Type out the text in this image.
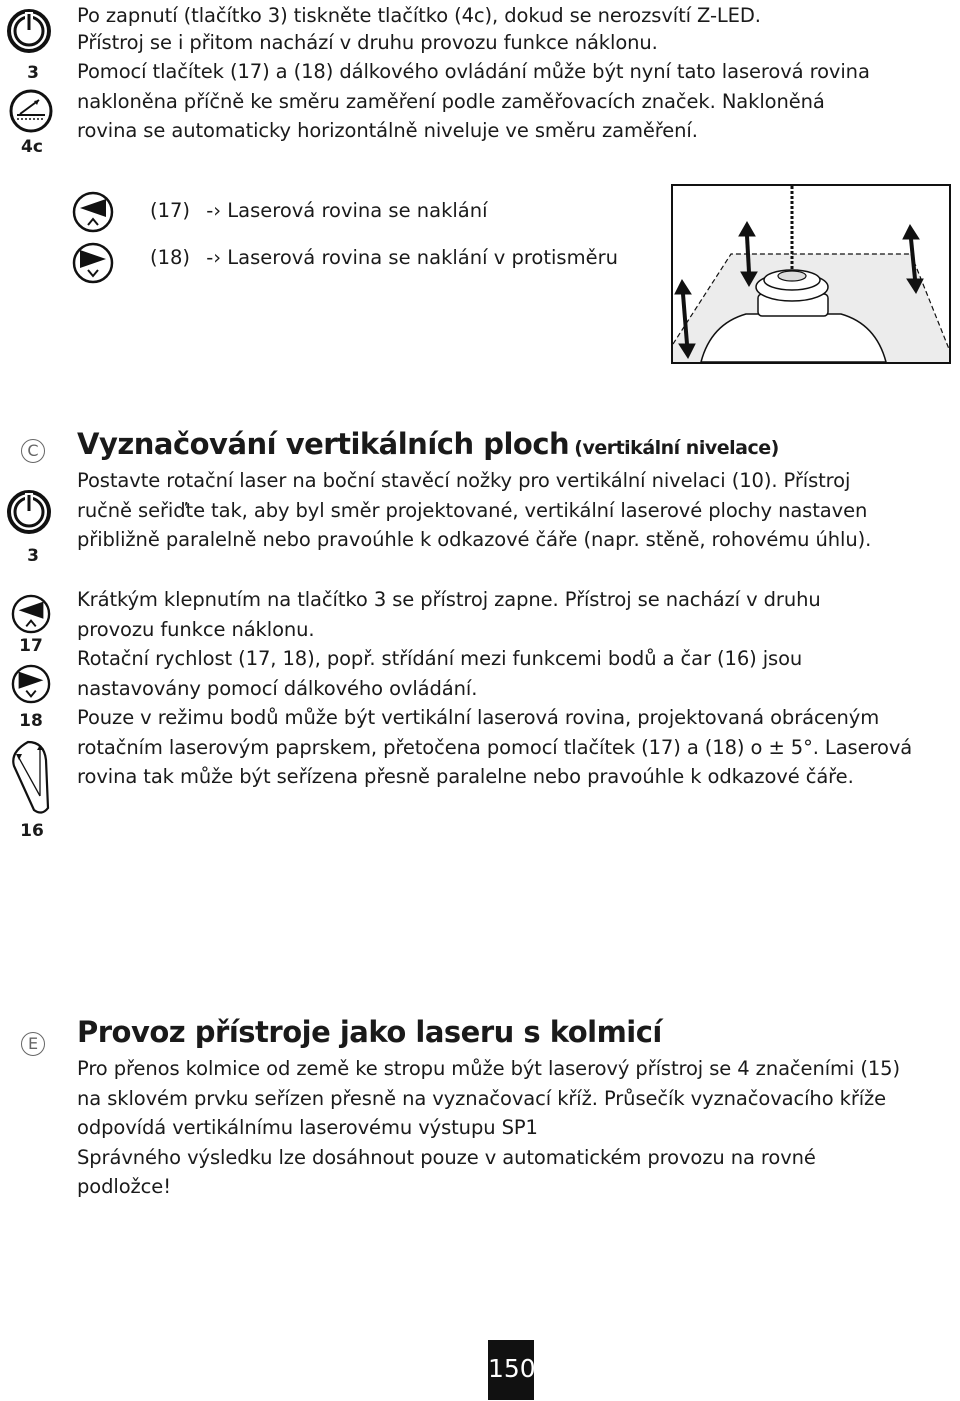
3
4c
Po zapnutí (tlačítko 3) tiskněte tlačítko (4c), dokud se nerozsvítí Z-LED.
Přístroj se i přitom nachází v druhu provozu funkce náklonu.
Pomocí tlačítek (17) a (18) dálkového ovládání může být nyní tato laserová rovina
nakloněna příčně ke směru zaměření podle zaměřovacích značek. Nakloněná
rovina se automaticky horizontálně niveluje ve směru zaměření.
(17) -› Laserová rovina se naklání
(18) -› Laserová rovina se naklání v protisměru
C
3
17
18
16
Vyznačování vertikálních ploch (vertikální nivelace)
Postavte rotační laser na boční stavěcí nožky pro vertikální nivelaci (10). Přístroj
ručně seřiďte tak, aby byl směr projektované, vertikální laserové plochy nastaven
přibližně paralelně nebo pravoúhle k odkazové čáře (napr. stěně, rohovému úhlu).
Krátkým klepnutím na tlačítko 3 se přístroj zapne. Přístroj se nachází v druhu
provozu funkce náklonu.
Rotační rychlost (17, 18), popř. střídání mezi funkcemi bodů a čar (16) jsou
nastavovány pomocí dálkového ovládání.
Pouze v režimu bodů může být vertikální laserová rovina, projektovaná obráceným
rotačním laserovým paprskem, přetočena pomocí tlačítek (17) a (18) o ± 5°. Laserová
rovina tak může být seřízena přesně paralelne nebo pravoúhle k odkazové čáře.
E Provoz přístroje jako laseru s kolmicí
Pro přenos kolmice od země ke stropu může být laserový přístroj se 4 značeními (15)
na sklovém prvku seřízen přesně na vyznačovací kříž. Průsečík vyznačovacího kříže
odpovídá vertikálnímu laserovému výstupu SP1
Správného výsledku lze dosáhnout pouze v automatickém provozu na rovné
podložce!
150
